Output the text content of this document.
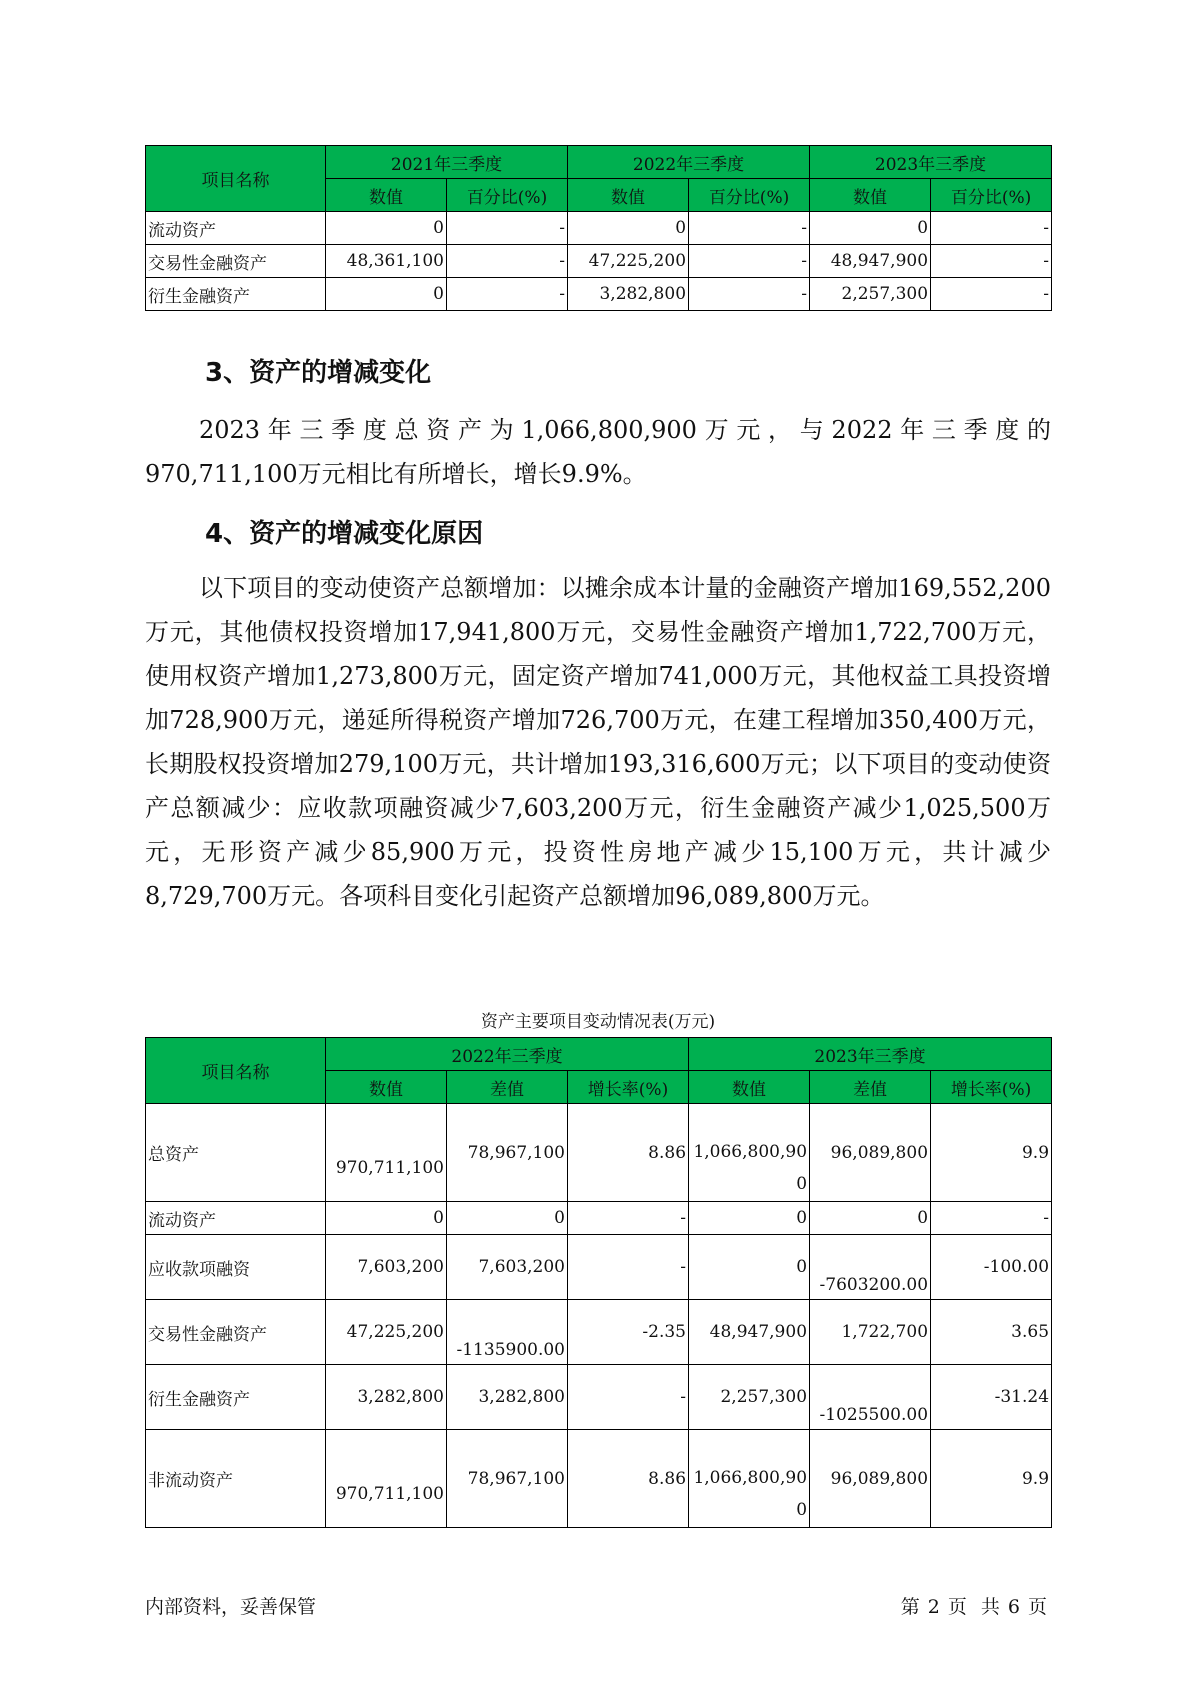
项目名称	2021年三季度		2022年三季度		2023年三季度	
	数值	百分比(%)	数值	百分比(%)	数值	百分比(%)
流动资产	0	-	0	-	0	-
交易性金融资产	48,361,100	-	47,225,200	-	48,947,900	-
衍生金融资产	0	-	3,282,800	-	2,257,300	-
3、资产的增减变化

2023年三季度总资产为1,066,800,900万元，与2022年三季度的970,711,100万元相比有所增长，增长9.9%。

4、资产的增减变化原因

以下项目的变动使资产总额增加：以摊余成本计量的金融资产增加169,552,200万元，其他债权投资增加17,941,800万元，交易性金融资产增加1,722,700万元，使用权资产增加1,273,800万元，固定资产增加741,000万元，其他权益工具投资增加728,900万元，递延所得税资产增加726,700万元，在建工程增加350,400万元，长期股权投资增加279,100万元，共计增加193,316,600万元；以下项目的变动使资产总额减少：应收款项融资减少7,603,200万元，衍生金融资产减少1,025,500万元，无形资产减少85,900万元，投资性房地产减少15,100万元，共计减少8,729,700万元。各项科目变化引起资产总额增加96,089,800万元。

资产主要项目变动情况表(万元)

项目名称	2022年三季度			2023年三季度		
	数值	差值	增长率(%)	数值	差值	增长率(%)
总资产	970,711,100	78,967,100	8.86	1,066,800,900	96,089,800	9.9
流动资产	0	0	-	0	0	-
应收款项融资	7,603,200	7,603,200	-	0	-7603200.00	-100.00
交易性金融资产	47,225,200	-1135900.00	-2.35	48,947,900	1,722,700	3.65
衍生金融资产	3,282,800	3,282,800	-	2,257,300	-1025500.00	-31.24
非流动资产	970,711,100	78,967,100	8.86	1,066,800,900	96,089,800	9.9
内部资料，妥善保管	第 2 页 共 6 页
